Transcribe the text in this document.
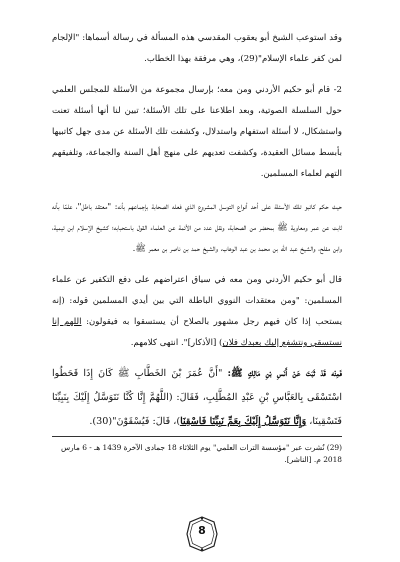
وقد استوعب الشيخ أبو يعقوب المقدسي هذه المسألة في رسالة أسماها: "الإلجام لمن كفر علماء الإسلام"(29)، وهي مرفقة بهذا الخطاب.

2- قام أبو حكيم الأردني ومن معه؛ بإرسال مجموعة من الأسئلة للمجلس العلمي حول السلسلة الصوتية، وبعد اطلاعنا على تلك الأسئلة؛ تبين لنا أنها أسئلة تعنت واستشكال، لا أسئلة استفهام واستدلال، وكشفت تلك الأسئلة عن مدى جهل كاتبيها بأبسط مسائل العقيدة، وكشفت تعديهم على منهج أهل السنة والجماعة، وتلفيقهم التهم لعلماء المسلمين.

حيث حكم كاتبو تلك الأسئلة على أحد أنواع التوسل المشروع الذي فعله الصحابة بإجماعهم بأنه: "معتقد باطل"، علمًا بأنه ثابت عن عمر ومعاوية ﷺ بمحضر من الصحابة، ونقل عدد من الأئمة عن العلماء القول باستحبابه؛ كشيخ الإسلام ابن تيمية، وابن مفلح، والشيخ عبد الله بن محمد بن عبد الوهاب، والشيخ حمد بن ناصر بن معمر ﷺ.

قال أبو حكيم الأردني ومن معه في سياق اعتراضهم على دفع التكفير عن علماء المسلمين: "ومن معتقدات النووي الباطلة التي بين أيدي المسلمين قوله: (إنه يستحب إذا كان فيهم رجل مشهور بالصلاح أن يستسقوا به فيقولون: اللهم إنا نستسقي ونتشفع إليك بعبدك فلان) [الأذكار]". انتهى كلامهم.

فَمِنْه قَدْ ثَبَتَ عَنْ أَنَسِ بْنِ مَالِكٍ ﷺ: "أَنَّ عُمَرَ بْنَ الخَطَّابِ ﷺ كَانَ إِذَا قَحَطُوا اسْتَسْقَى بِالعَبَّاسِ بْنِ عَبْدِ المُطَّلِبِ، فَقَالَ: (اللَّهُمَّ إِنَّا كُنَّا نَتَوَسَّلُ إِلَيْكَ بِنَبِيِّنَا فَتَسْقِينَا، وَإِنَّا نَتَوَسَّلُ إِلَيْكَ بِعَمِّ نَبِيِّنَا فَاسْقِنَا)، قَالَ: فَيُسْقَوْنَ"(30).

(29) نُشرت عبر "مؤسسة الترات العلمي" يوم الثلاثاء 18 جمادى الآخرة 1439 هـ - 6 مارس 2018 م. [الناشر].
8
